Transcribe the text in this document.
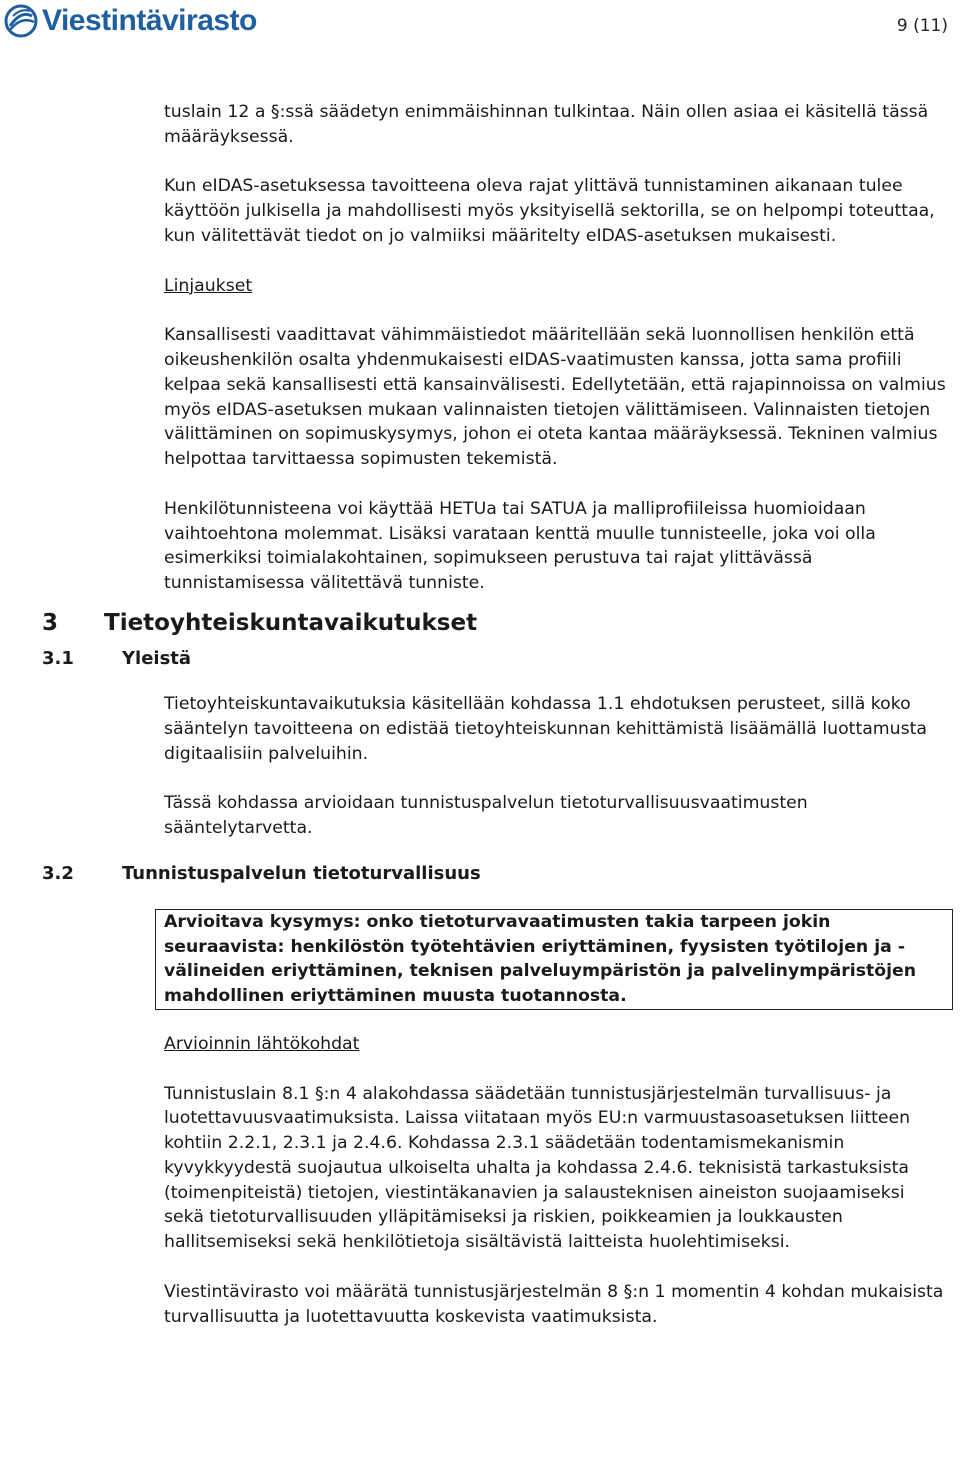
Viestintävirasto	9 (11)

tuslain 12 a §:ssä säädetyn enimmäishinnan tulkintaa. Näin ollen asiaa ei käsitellä tässä määräyksessä.

Kun eIDAS-asetuksessa tavoitteena oleva rajat ylittävä tunnistaminen aikanaan tulee käyttöön julkisella ja mahdollisesti myös yksityisellä sektorilla, se on helpompi toteuttaa, kun välitettävät tiedot on jo valmiiksi määritelty eIDAS-asetuksen mukaisesti.

Linjaukset

Kansallisesti vaadittavat vähimmäistiedot määritellään sekä luonnollisen henkilön että oikeushenkilön osalta yhdenmukaisesti eIDAS-vaatimusten kanssa, jotta sama profiili kelpaa sekä kansallisesti että kansainvälisesti. Edellytetään, että rajapinnoissa on valmius myös eIDAS-asetuksen mukaan valinnaisten tietojen välittämiseen. Valinnaisten tietojen välittäminen on sopimuskysymys, johon ei oteta kantaa määräyksessä. Tekninen valmius helpottaa tarvittaessa sopimusten tekemistä.

Henkilötunnisteena voi käyttää HETUa tai SATUA ja malliprofiileissa huomioidaan vaihtoehtona molemmat. Lisäksi varataan kenttä muulle tunnisteelle, joka voi olla esimerkiksi toimialakohtainen, sopimukseen perustuva tai rajat ylittävässä tunnistamisessa välitettävä tunniste.

3	Tietoyhteiskuntavaikutukset
3.1	Yleistä

Tietoyhteiskuntavaikutuksia käsitellään kohdassa 1.1 ehdotuksen perusteet, sillä koko sääntelyn tavoitteena on edistää tietoyhteiskunnan kehittämistä lisäämällä luottamusta digitaalisiin palveluihin.

Tässä kohdassa arvioidaan tunnistuspalvelun tietoturvallisuusvaatimusten sääntelytarvetta.

3.2	Tunnistuspalvelun tietoturvallisuus
Arvioitava kysymys: onko tietoturvavaatimusten takia tarpeen jokin seuraavista: henkilöstön työtehtävien eriyttäminen, fyysisten työtilojen ja -välineiden eriyttäminen, teknisen palveluympäristön ja palvelinympäristöjen mahdollinen eriyttäminen muusta tuotannosta.

Arvioinnin lähtökohdat

Tunnistuslain 8.1 §:n 4 alakohdassa säädetään tunnistusjärjestelmän turvallisuus- ja luotettavuusvaatimuksista. Laissa viitataan myös EU:n varmuustasoasetuksen liitteen kohtiin 2.2.1, 2.3.1 ja 2.4.6. Kohdassa 2.3.1 säädetään todentamismekanismin kyvykkyydestä suojautua ulkoiselta uhalta ja kohdassa 2.4.6. teknisistä tarkastuksista (toimenpiteistä) tietojen, viestintäkanavien ja salausteknisen aineiston suojaamiseksi sekä tietoturvallisuuden ylläpitämiseksi ja riskien, poikkeamien ja loukkausten hallitsemiseksi sekä henkilötietoja sisältävistä laitteista huolehtimiseksi.

Viestintävirasto voi määrätä tunnistusjärjestelmän 8 §:n 1 momentin 4 kohdan mukaisista turvallisuutta ja luotettavuutta koskevista vaatimuksista.
